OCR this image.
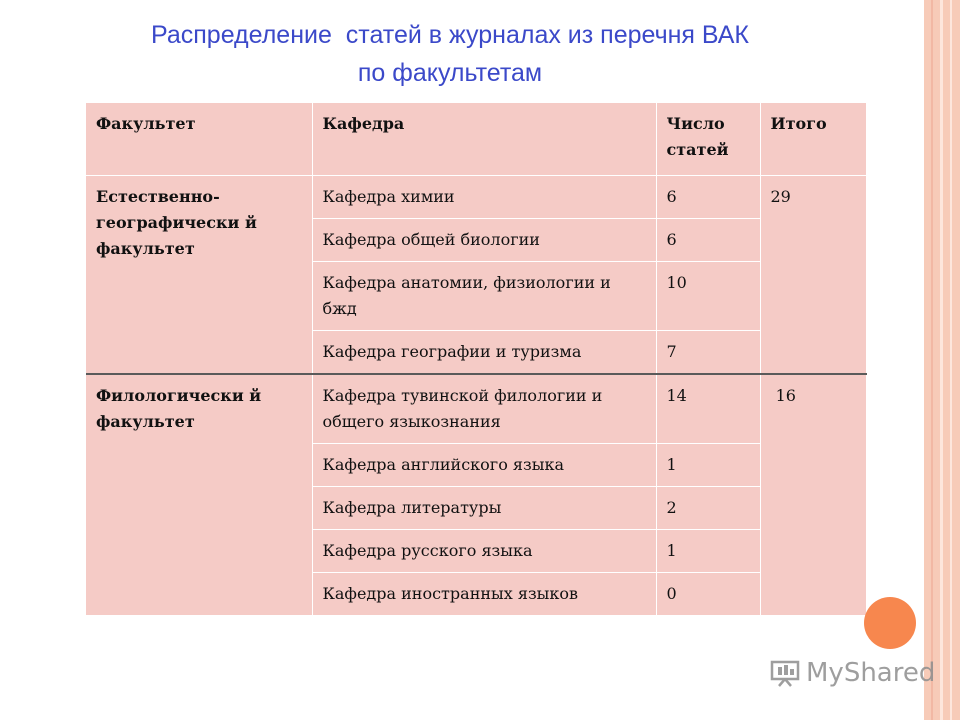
Распределение  статей в журналах из перечня ВАК
по факультетам
Факультет	Кафедра	Число статей	Итого
Естественно-географически й факультет	Кафедра химии	6	29
	Кафедра общей биологии	6	
	Кафедра анатомии, физиологии и бжд	10	
	Кафедра географии и туризма	7	
Филологически й факультет	Кафедра тувинской филологии и общего языкознания	14	16
	Кафедра английского языка	1	
	Кафедра литературы	2	
	Кафедра русского языка	1	
	Кафедра иностранных языков	0	
MyShared
